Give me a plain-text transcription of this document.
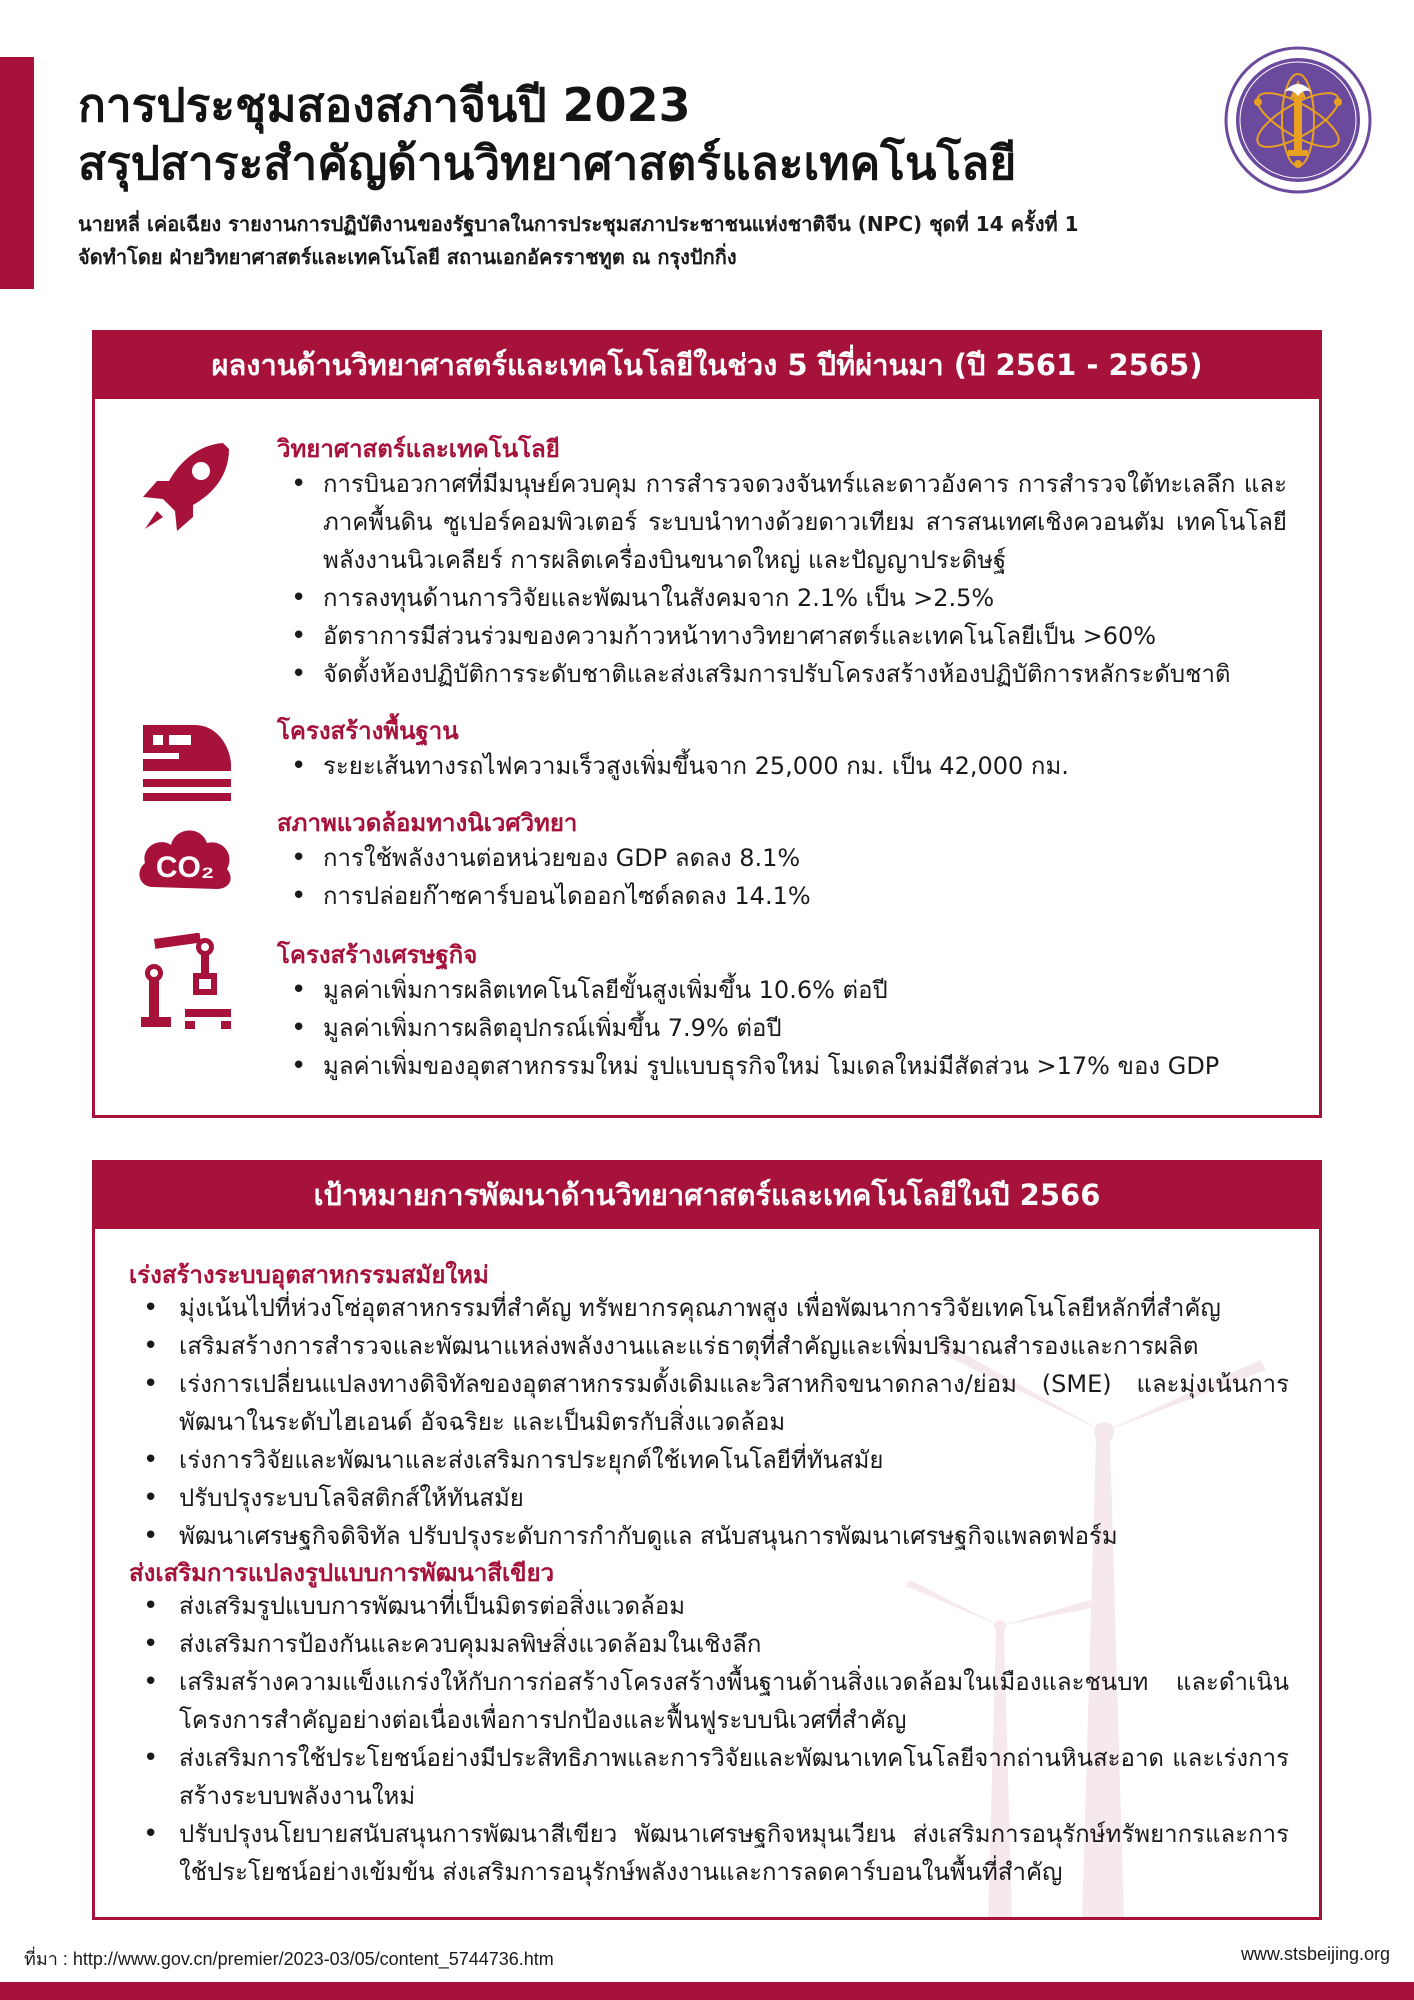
การประชุมสองสภาจีนปี 2023
สรุปสาระสำคัญด้านวิทยาศาสตร์และเทคโนโลยี
นายหลี่ เค่อเฉียง รายงานการปฏิบัติงานของรัฐบาลในการประชุมสภาประชาชนแห่งชาติจีน (NPC) ชุดที่ 14 ครั้งที่ 1
จัดทำโดย ฝ่ายวิทยาศาสตร์และเทคโนโลยี สถานเอกอัครราชทูต ณ กรุงปักกิ่ง
ผลงานด้านวิทยาศาสตร์และเทคโนโลยีในช่วง 5 ปีที่ผ่านมา (ปี 2561 - 2565)
วิทยาศาสตร์และเทคโนโลยี
• การบินอวกาศที่มีมนุษย์ควบคุม การสำรวจดวงจันทร์และดาวอังคาร การสำรวจใต้ทะเลลึก และภาคพื้นดิน ซูเปอร์คอมพิวเตอร์ ระบบนำทางด้วยดาวเทียม สารสนเทศเชิงควอนตัม เทคโนโลยีพลังงานนิวเคลียร์ การผลิตเครื่องบินขนาดใหญ่ และปัญญาประดิษฐ์
• การลงทุนด้านการวิจัยและพัฒนาในสังคมจาก 2.1% เป็น >2.5%
• อัตราการมีส่วนร่วมของความก้าวหน้าทางวิทยาศาสตร์และเทคโนโลยีเป็น >60%
• จัดตั้งห้องปฏิบัติการระดับชาติและส่งเสริมการปรับโครงสร้างห้องปฏิบัติการหลักระดับชาติ
โครงสร้างพื้นฐาน
• ระยะเส้นทางรถไฟความเร็วสูงเพิ่มขึ้นจาก 25,000 กม. เป็น 42,000 กม.
CO₂
สภาพแวดล้อมทางนิเวศวิทยา
• การใช้พลังงานต่อหน่วยของ GDP ลดลง 8.1%
• การปล่อยก๊าซคาร์บอนไดออกไซด์ลดลง 14.1%
โครงสร้างเศรษฐกิจ
• มูลค่าเพิ่มการผลิตเทคโนโลยีขั้นสูงเพิ่มขึ้น 10.6% ต่อปี
• มูลค่าเพิ่มการผลิตอุปกรณ์เพิ่มขึ้น 7.9% ต่อปี
• มูลค่าเพิ่มของอุตสาหกรรมใหม่ รูปแบบธุรกิจใหม่ โมเดลใหม่มีสัดส่วน >17% ของ GDP
เป้าหมายการพัฒนาด้านวิทยาศาสตร์และเทคโนโลยีในปี 2566
เร่งสร้างระบบอุตสาหกรรมสมัยใหม่
• มุ่งเน้นไปที่ห่วงโซ่อุตสาหกรรมที่สำคัญ ทรัพยากรคุณภาพสูง เพื่อพัฒนาการวิจัยเทคโนโลยีหลักที่สำคัญ
• เสริมสร้างการสำรวจและพัฒนาแหล่งพลังงานและแร่ธาตุที่สำคัญและเพิ่มปริมาณสำรองและการผลิต
• เร่งการเปลี่ยนแปลงทางดิจิทัลของอุตสาหกรรมดั้งเดิมและวิสาหกิจขนาดกลาง/ย่อม (SME) และมุ่งเน้นการพัฒนาในระดับไฮเอนด์ อัจฉริยะ และเป็นมิตรกับสิ่งแวดล้อม
• เร่งการวิจัยและพัฒนาและส่งเสริมการประยุกต์ใช้เทคโนโลยีที่ทันสมัย
• ปรับปรุงระบบโลจิสติกส์ให้ทันสมัย
• พัฒนาเศรษฐกิจดิจิทัล ปรับปรุงระดับการกำกับดูแล สนับสนุนการพัฒนาเศรษฐกิจแพลตฟอร์ม
ส่งเสริมการแปลงรูปแบบการพัฒนาสีเขียว
• ส่งเสริมรูปแบบการพัฒนาที่เป็นมิตรต่อสิ่งแวดล้อม
• ส่งเสริมการป้องกันและควบคุมมลพิษสิ่งแวดล้อมในเชิงลึก
• เสริมสร้างความแข็งแกร่งให้กับการก่อสร้างโครงสร้างพื้นฐานด้านสิ่งแวดล้อมในเมืองและชนบท และดำเนินโครงการสำคัญอย่างต่อเนื่องเพื่อการปกป้องและฟื้นฟูระบบนิเวศที่สำคัญ
• ส่งเสริมการใช้ประโยชน์อย่างมีประสิทธิภาพและการวิจัยและพัฒนาเทคโนโลยีจากถ่านหินสะอาด และเร่งการสร้างระบบพลังงานใหม่
• ปรับปรุงนโยบายสนับสนุนการพัฒนาสีเขียว พัฒนาเศรษฐกิจหมุนเวียน ส่งเสริมการอนุรักษ์ทรัพยากรและการใช้ประโยชน์อย่างเข้มข้น ส่งเสริมการอนุรักษ์พลังงานและการลดคาร์บอนในพื้นที่สำคัญ
ที่มา : http://www.gov.cn/premier/2023-03/05/content_5744736.htm	www.stsbeijing.org
